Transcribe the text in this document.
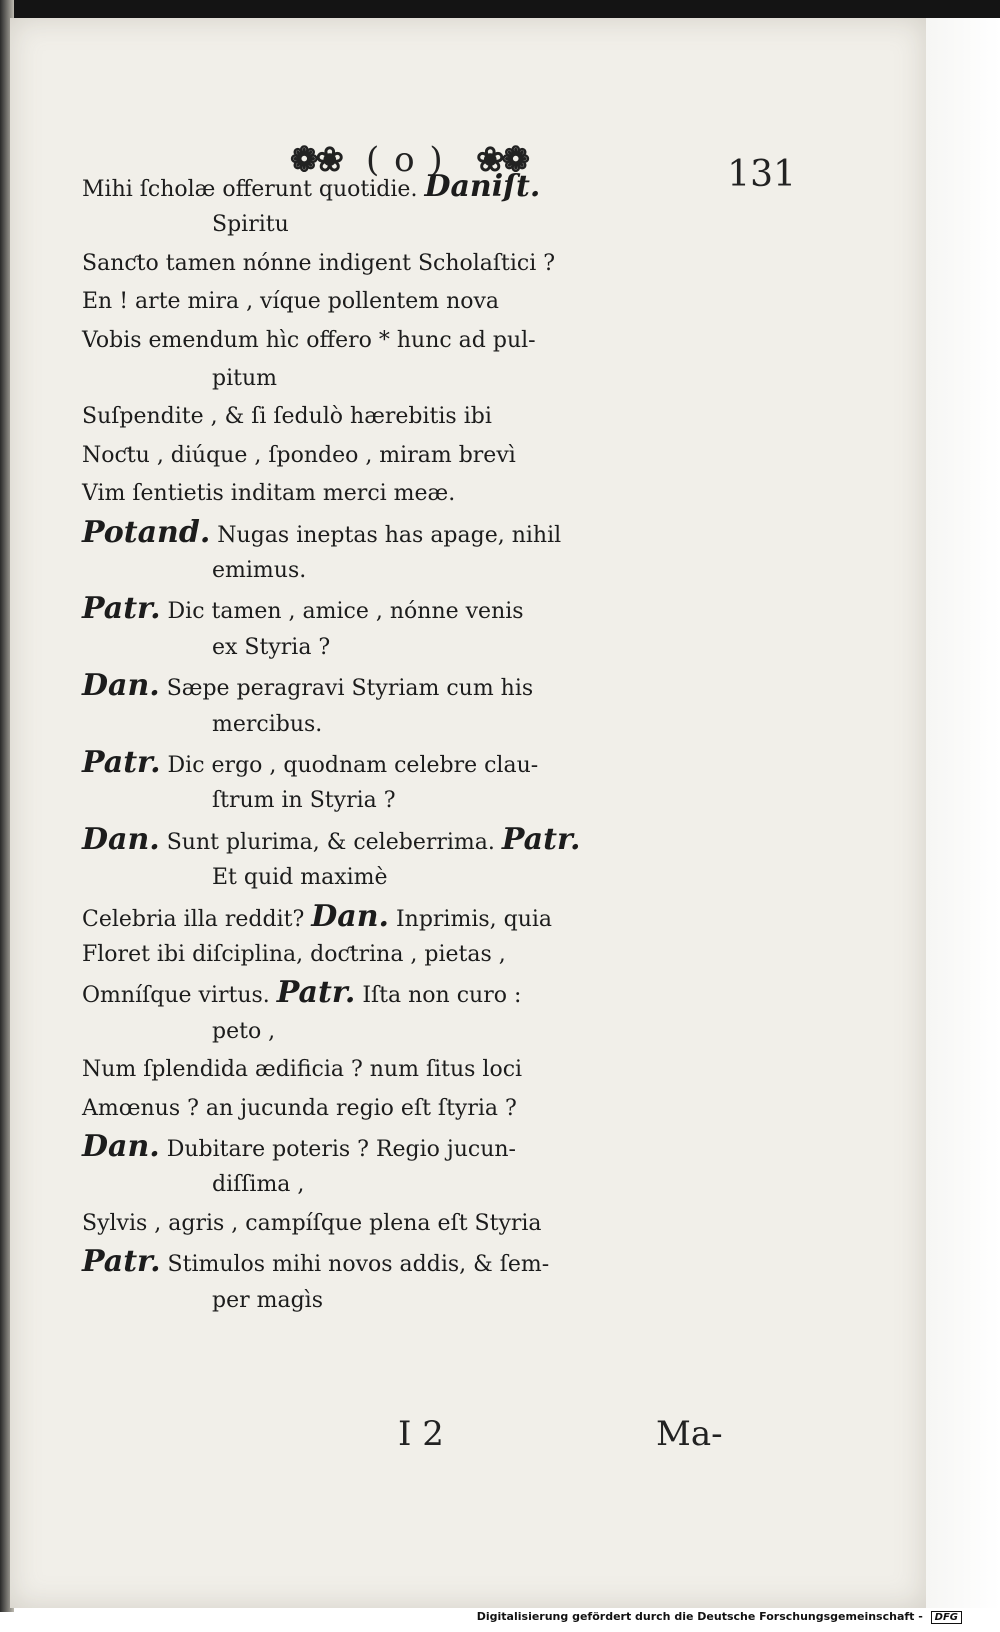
❁❀ ( o ) ❀❁	131
Mihi ſcholæ offerunt quotidie. Daniſt.
Spiritu
Sanƈto tamen nónne indigent Scholaſtici ?
En ! arte mira , víque pollentem nova
Vobis emendum hìc offero * hunc ad pul-
pitum
Suſpendite , & ſi ſedulò hærebitis ibi
Noƈtu , diúque , ſpondeo , miram brevì
Vim ſentietis inditam merci meæ.
Potand. Nugas ineptas has apage, nihil
emimus.
Patr. Dic tamen , amice , nónne venis
ex Styria ?
Dan. Sæpe peragravi Styriam cum his
mercibus.
Patr. Dic ergo , quodnam celebre clau-
ſtrum in Styria ?
Dan. Sunt plurima, & celeberrima. Patr.
Et quid maximè
Celebria illa reddit? Dan. Inprimis, quia
Floret ibi diſciplina, doƈtrina , pietas ,
Omníſque virtus. Patr. Iſta non curo :
peto ,
Num ſplendida ædificia ? num ſitus loci
Amœnus ? an jucunda regio eſt ſtyria ?
Dan. Dubitare poteris ? Regio jucun-
diſſima ,
Sylvis , agris , campíſque plena eſt Styria
Patr. Stimulos mihi novos addis, & ſem-
per magìs
I 2	Ma-
Digitalisierung gefördert durch die Deutsche Forschungsgemeinschaft - DFG
